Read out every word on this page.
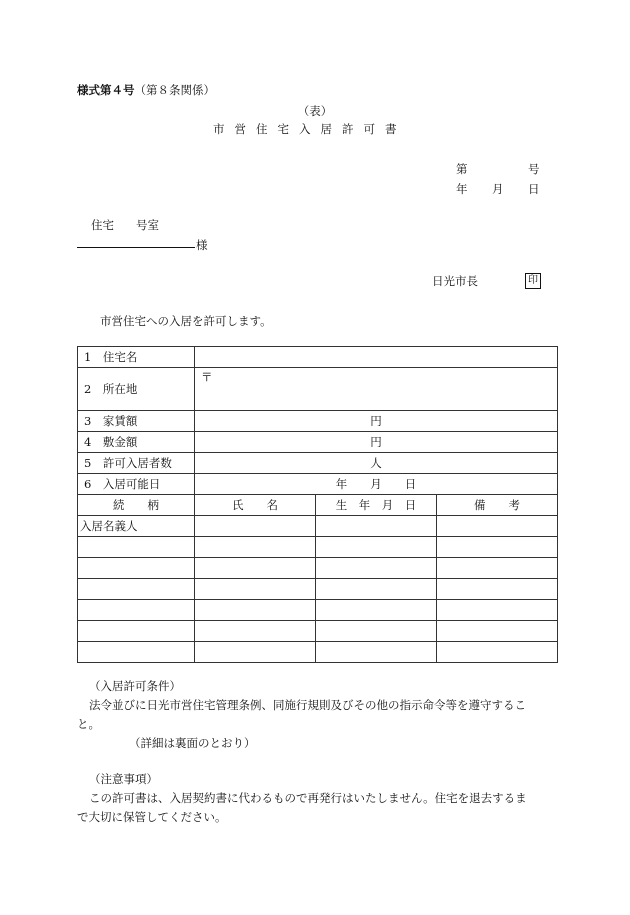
様式第４号（第８条関係）
（表）
市営住宅入居許可書
第	号
年 月 日
住宅 号室
様
日光市長	印
市営住宅への入居を許可します。
1　住宅名			
2　所在地	〒		
3　家賃額	円		
4　敷金額	円		
5　許可入居者数	人		
6　入居可能日	年　　月　　日		
続　　柄	氏　　名	生　年　月　日	備　　考
入居名義人			

（入居許可条件）
法令並びに日光市営住宅管理条例、同施行規則及びその他の指示命令等を遵守するこ
と。
（詳細は裏面のとおり）
（注意事項）
この許可書は、入居契約書に代わるもので再発行はいたしません。住宅を退去するま
で大切に保管してください。
